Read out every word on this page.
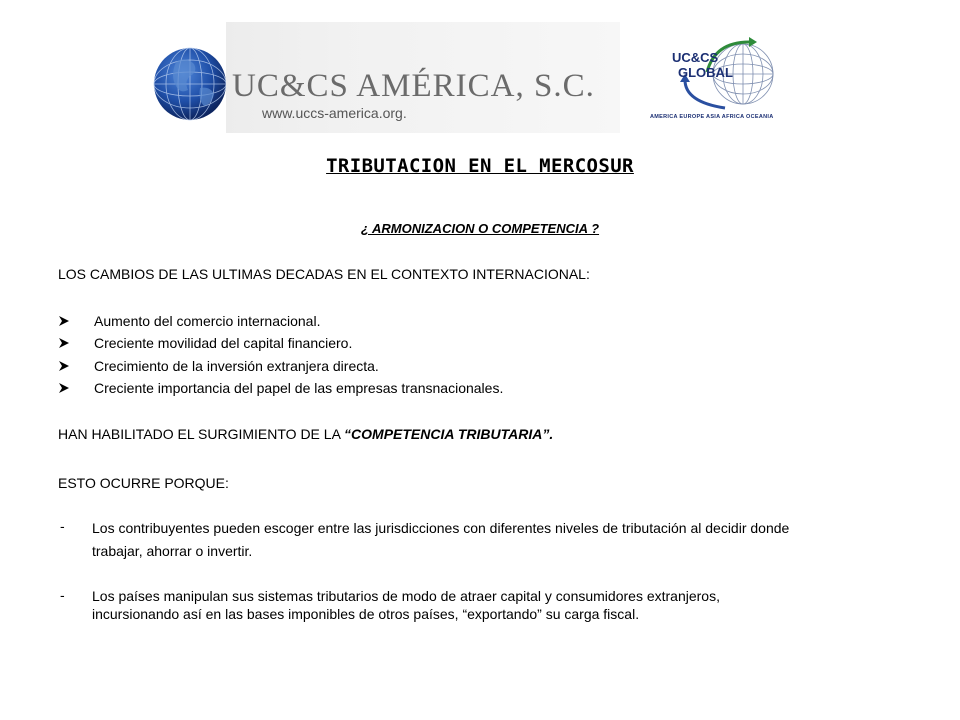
UC&CS AMÉRICA, S.C.
www.uccs-america.org.
UC&CS
GLOBAL
AMERICA EUROPE ASIA AFRICA OCEANIA
TRIBUTACION EN EL MERCOSUR
¿ ARMONIZACION O COMPETENCIA ?
LOS CAMBIOS DE LAS ULTIMAS DECADAS EN EL CONTEXTO INTERNACIONAL:
Aumento del comercio internacional.
Creciente movilidad del capital financiero.
Crecimiento de la inversión extranjera directa.
Creciente importancia del papel de las empresas transnacionales.
HAN HABILITADO EL SURGIMIENTO DE LA “COMPETENCIA TRIBUTARIA”.
ESTO OCURRE PORQUE:
- Los contribuyentes pueden escoger entre las jurisdicciones con diferentes niveles de tributación al decidir donde
trabajar, ahorrar o invertir.
- Los países manipulan sus sistemas tributarios de modo de atraer capital y consumidores extranjeros,
incursionando así en las bases imponibles de otros países, “exportando” su carga fiscal.
